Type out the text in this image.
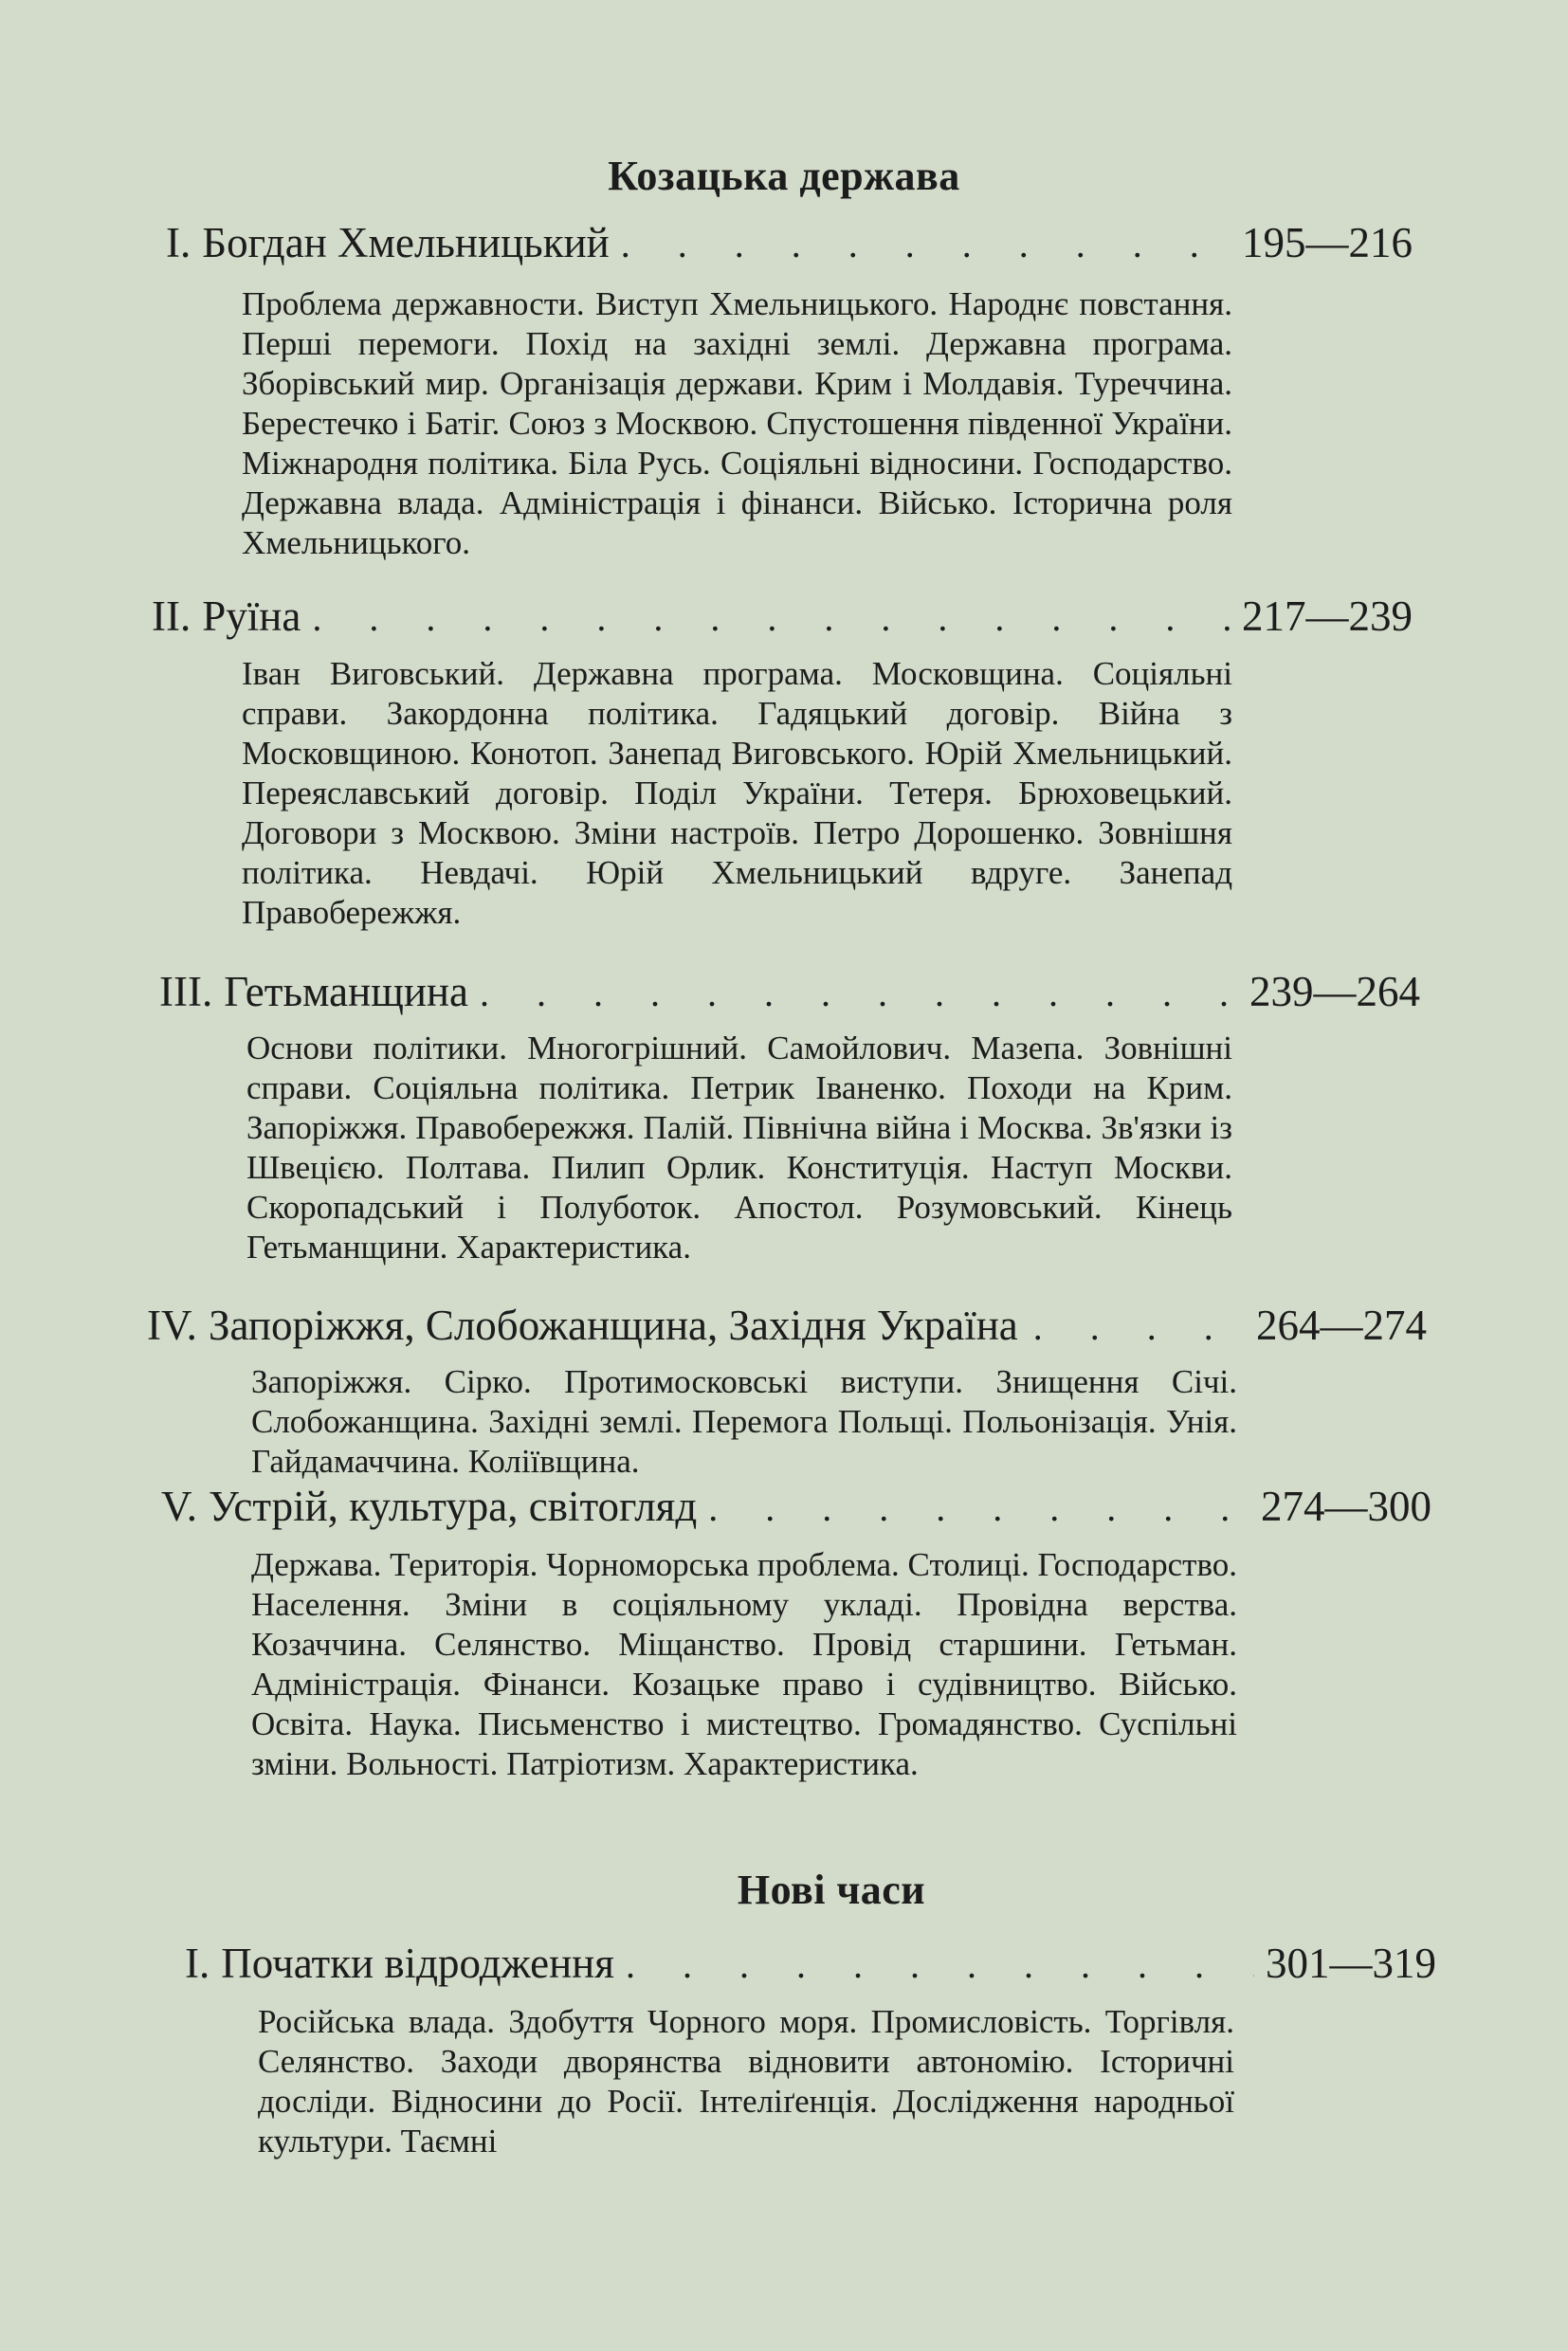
Козацька держава
I. Богдан Хмельницький . . .	195—216
Проблема державности. Виступ Хмельницького. Народнє повстання. Перші перемоги. Похід на західні землі. Державна програма. Зборівський мир. Організація держави. Крим і Молдавія. Туреччина. Берестечко і Батіг. Союз з Москвою. Спустошення південної України. Міжнародня політика. Біла Русь. Соціяльні відносини. Господарство. Державна влада. Адміністрація і фінанси. Військо. Історична роля Хмельницького.
II. Руїна . . .	217—239
Іван Виговський. Державна програма. Московщина. Соціяльні справи. Закордонна політика. Гадяцький договір. Війна з Московщиною. Конотоп. Занепад Виговського. Юрій Хмельницький. Переяславський договір. Поділ України. Тетеря. Брюховецький. Договори з Москвою. Зміни настроїв. Петро Дорошенко. Зовнішня політика. Невдачі. Юрій Хмельницький вдруге. Занепад Правобережжя.
III. Гетьманщина . . .	239—264
Основи політики. Многогрішний. Самойлович. Мазепа. Зовнішні справи. Соціяльна політика. Петрик Іваненко. Походи на Крим. Запоріжжя. Правобережжя. Палій. Північна війна і Москва. Зв'язки із Швецією. Полтава. Пилип Орлик. Конституція. Наступ Москви. Скоропадський і Полуботок. Апостол. Розумовський. Кінець Гетьманщини. Характеристика.
IV. Запоріжжя, Слобожанщина, Західня Україна . . .	264—274
Запоріжжя. Сірко. Протимосковські виступи. Знищення Січі. Слобожанщина. Західні землі. Перемога Польщі. Польонізація. Унія. Гайдамаччина. Коліївщина.
V. Устрій, культура, світогляд . . .	274—300
Держава. Територія. Чорноморська проблема. Столиці. Господарство. Населення. Зміни в соціяльному укладі. Провідна верства. Козаччина. Селянство. Міщанство. Провід старшини. Гетьман. Адміністрація. Фінанси. Козацьке право і судівництво. Військо. Освіта. Наука. Письменство і мистецтво. Громадянство. Суспільні зміни. Вольності. Патріотизм. Характеристика.
Нові часи
I. Початки відродження . . .	301—319
Російська влада. Здобуття Чорного моря. Промисловість. Торгівля. Селянство. Заходи дворянства відновити автономію. Історичні досліди. Відносини до Росії. Інтеліґенція. Дослідження народньої культури. Таємні
